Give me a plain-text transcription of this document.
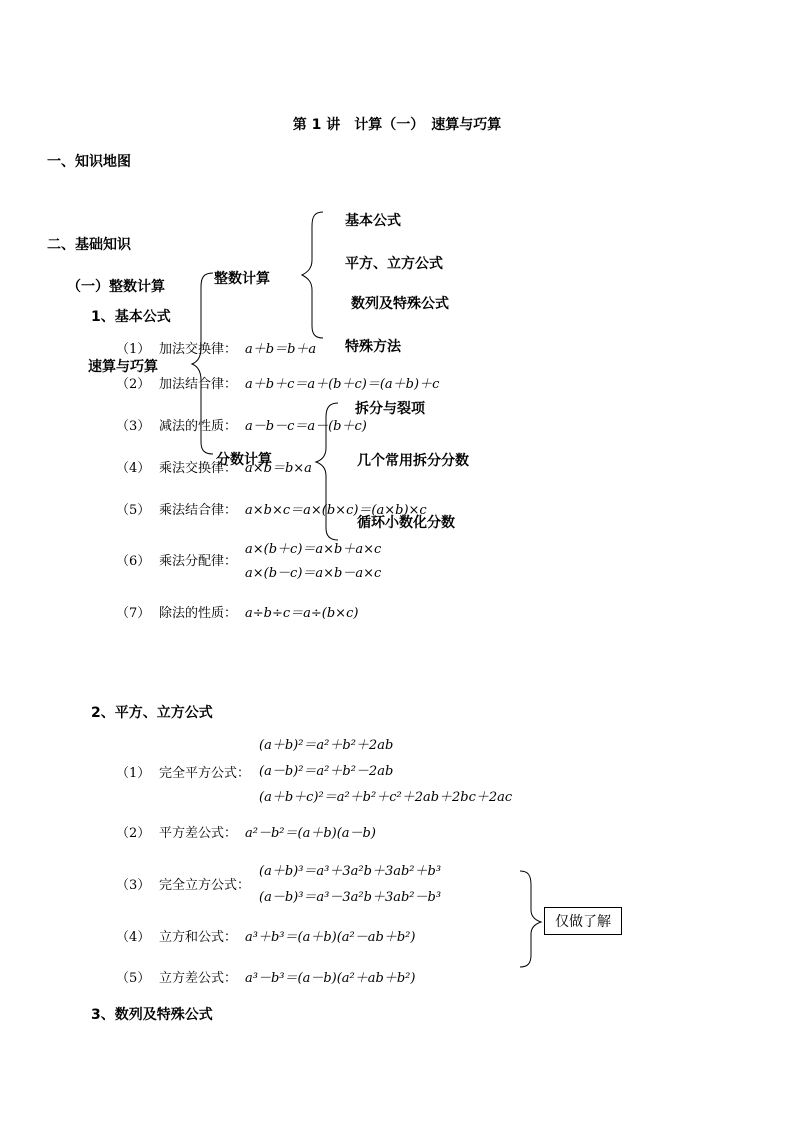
第 1 讲　计算（一）　速算与巧算
一、知识地图
二、基础知识
（一）整数计算
1、基本公式
（1） 加法交换律： a＋b＝b＋a
（2） 加法结合律： a＋b＋c＝a＋(b＋c)＝(a＋b)＋c
（3） 减法的性质： a－b－c＝a－(b＋c)
（4） 乘法交换律： a×b＝b×a
（5） 乘法结合律： a×b×c＝a×(b×c)＝(a×b)×c
（6） 乘法分配律：
a×(b＋c)＝a×b＋a×c
a×(b－c)＝a×b－a×c
（7） 除法的性质： a÷b÷c＝a÷(b×c)
速算与巧算
整数计算
分数计算
基本公式
平方、立方公式
数列及特殊公式
特殊方法
拆分与裂项
几个常用拆分分数
循环小数化分数
2、平方、立方公式
（1） 完全平方公式：
(a＋b)²＝a²＋b²＋2ab
(a－b)²＝a²＋b²－2ab
(a＋b＋c)²＝a²＋b²＋c²＋2ab＋2bc＋2ac
（2） 平方差公式： a²－b²＝(a＋b)(a－b)
（3） 完全立方公式：
(a＋b)³＝a³＋3a²b＋3ab²＋b³
(a－b)³＝a³－3a²b＋3ab²－b³
（4） 立方和公式： a³＋b³＝(a＋b)(a²－ab＋b²)
（5） 立方差公式： a³－b³＝(a－b)(a²＋ab＋b²)
仅做了解
3、数列及特殊公式
